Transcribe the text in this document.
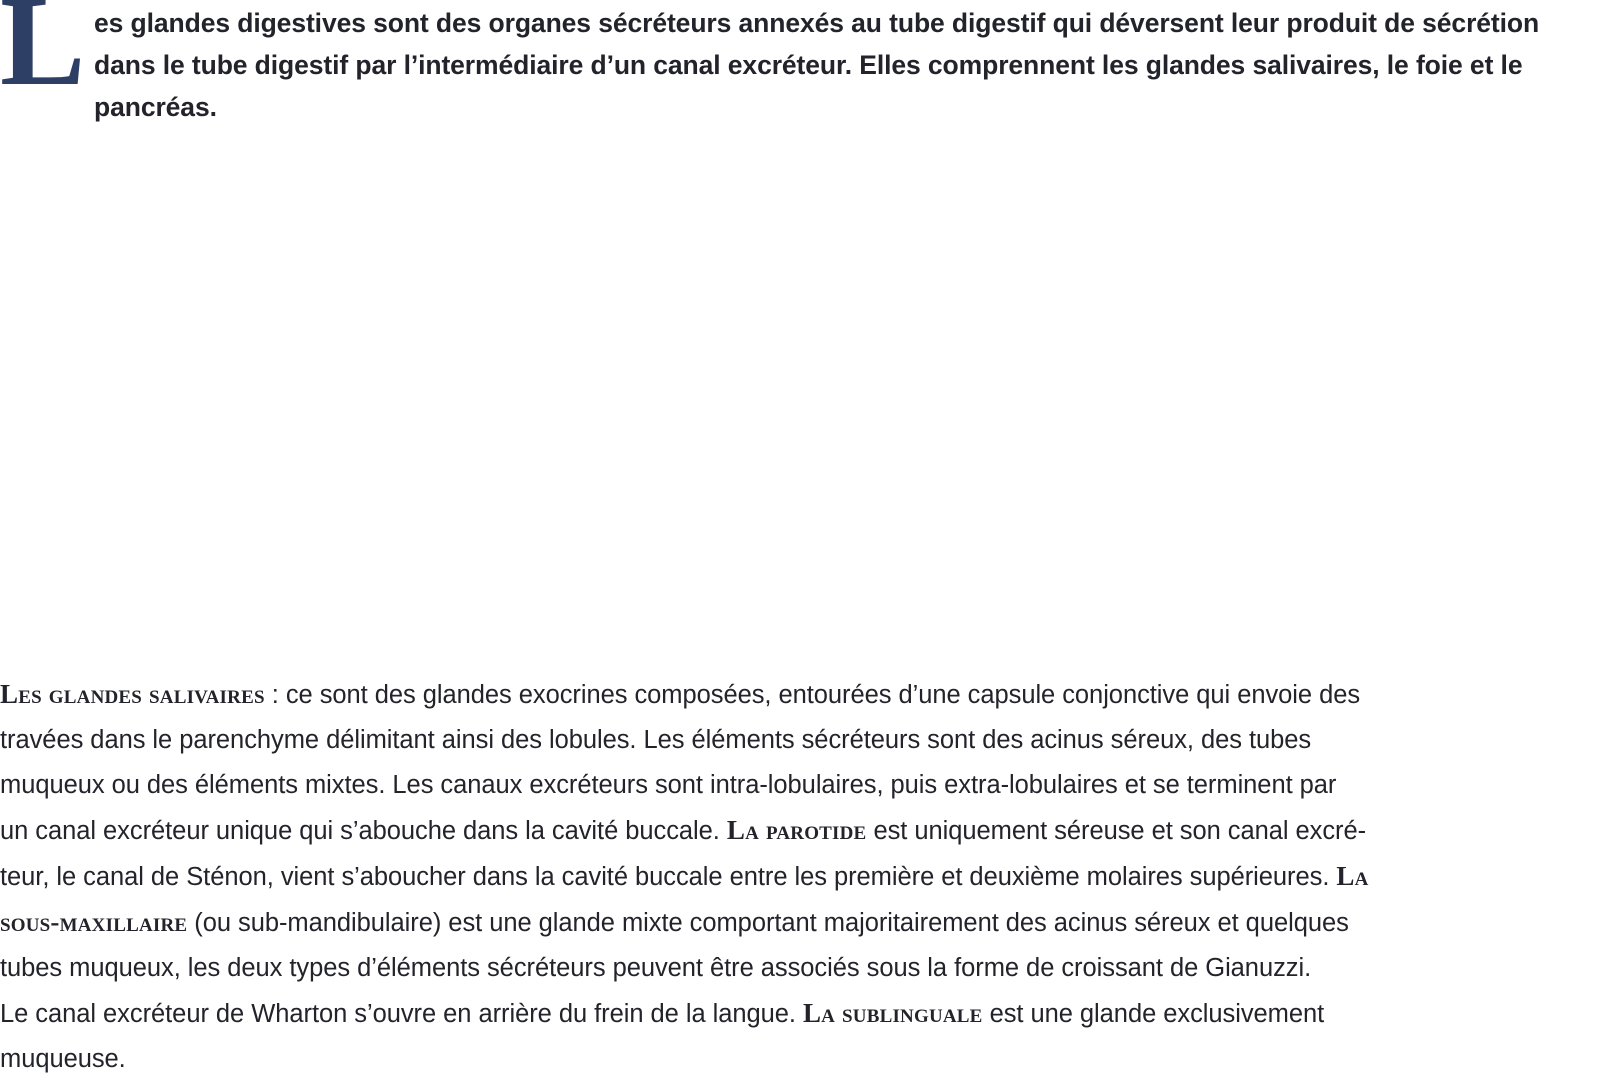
L es glandes digestives sont des organes sécréteurs annexés au tube digestif qui déversent leur produit de sécrétion
dans le tube digestif par l’intermédiaire d’un canal excréteur. Elles comprennent les glandes salivaires, le foie et le
pancréas.
Les glandes salivaires : ce sont des glandes exocrines composées, entourées d’une capsule conjonctive qui envoie des
travées dans le parenchyme délimitant ainsi des lobules. Les éléments sécréteurs sont des acinus séreux, des tubes
muqueux ou des éléments mixtes. Les canaux excréteurs sont intra-lobulaires, puis extra-lobulaires et se terminent par
un canal excréteur unique qui s’abouche dans la cavité buccale. La parotide est uniquement séreuse et son canal excré-
teur, le canal de Sténon, vient s’aboucher dans la cavité buccale entre les première et deuxième molaires supérieures. La
sous-maxillaire (ou sub-mandibulaire) est une glande mixte comportant majoritairement des acinus séreux et quelques
tubes muqueux, les deux types d’éléments sécréteurs peuvent être associés sous la forme de croissant de Gianuzzi.
Le canal excréteur de Wharton s’ouvre en arrière du frein de la langue. La sublinguale est une glande exclusivement
muqueuse.
